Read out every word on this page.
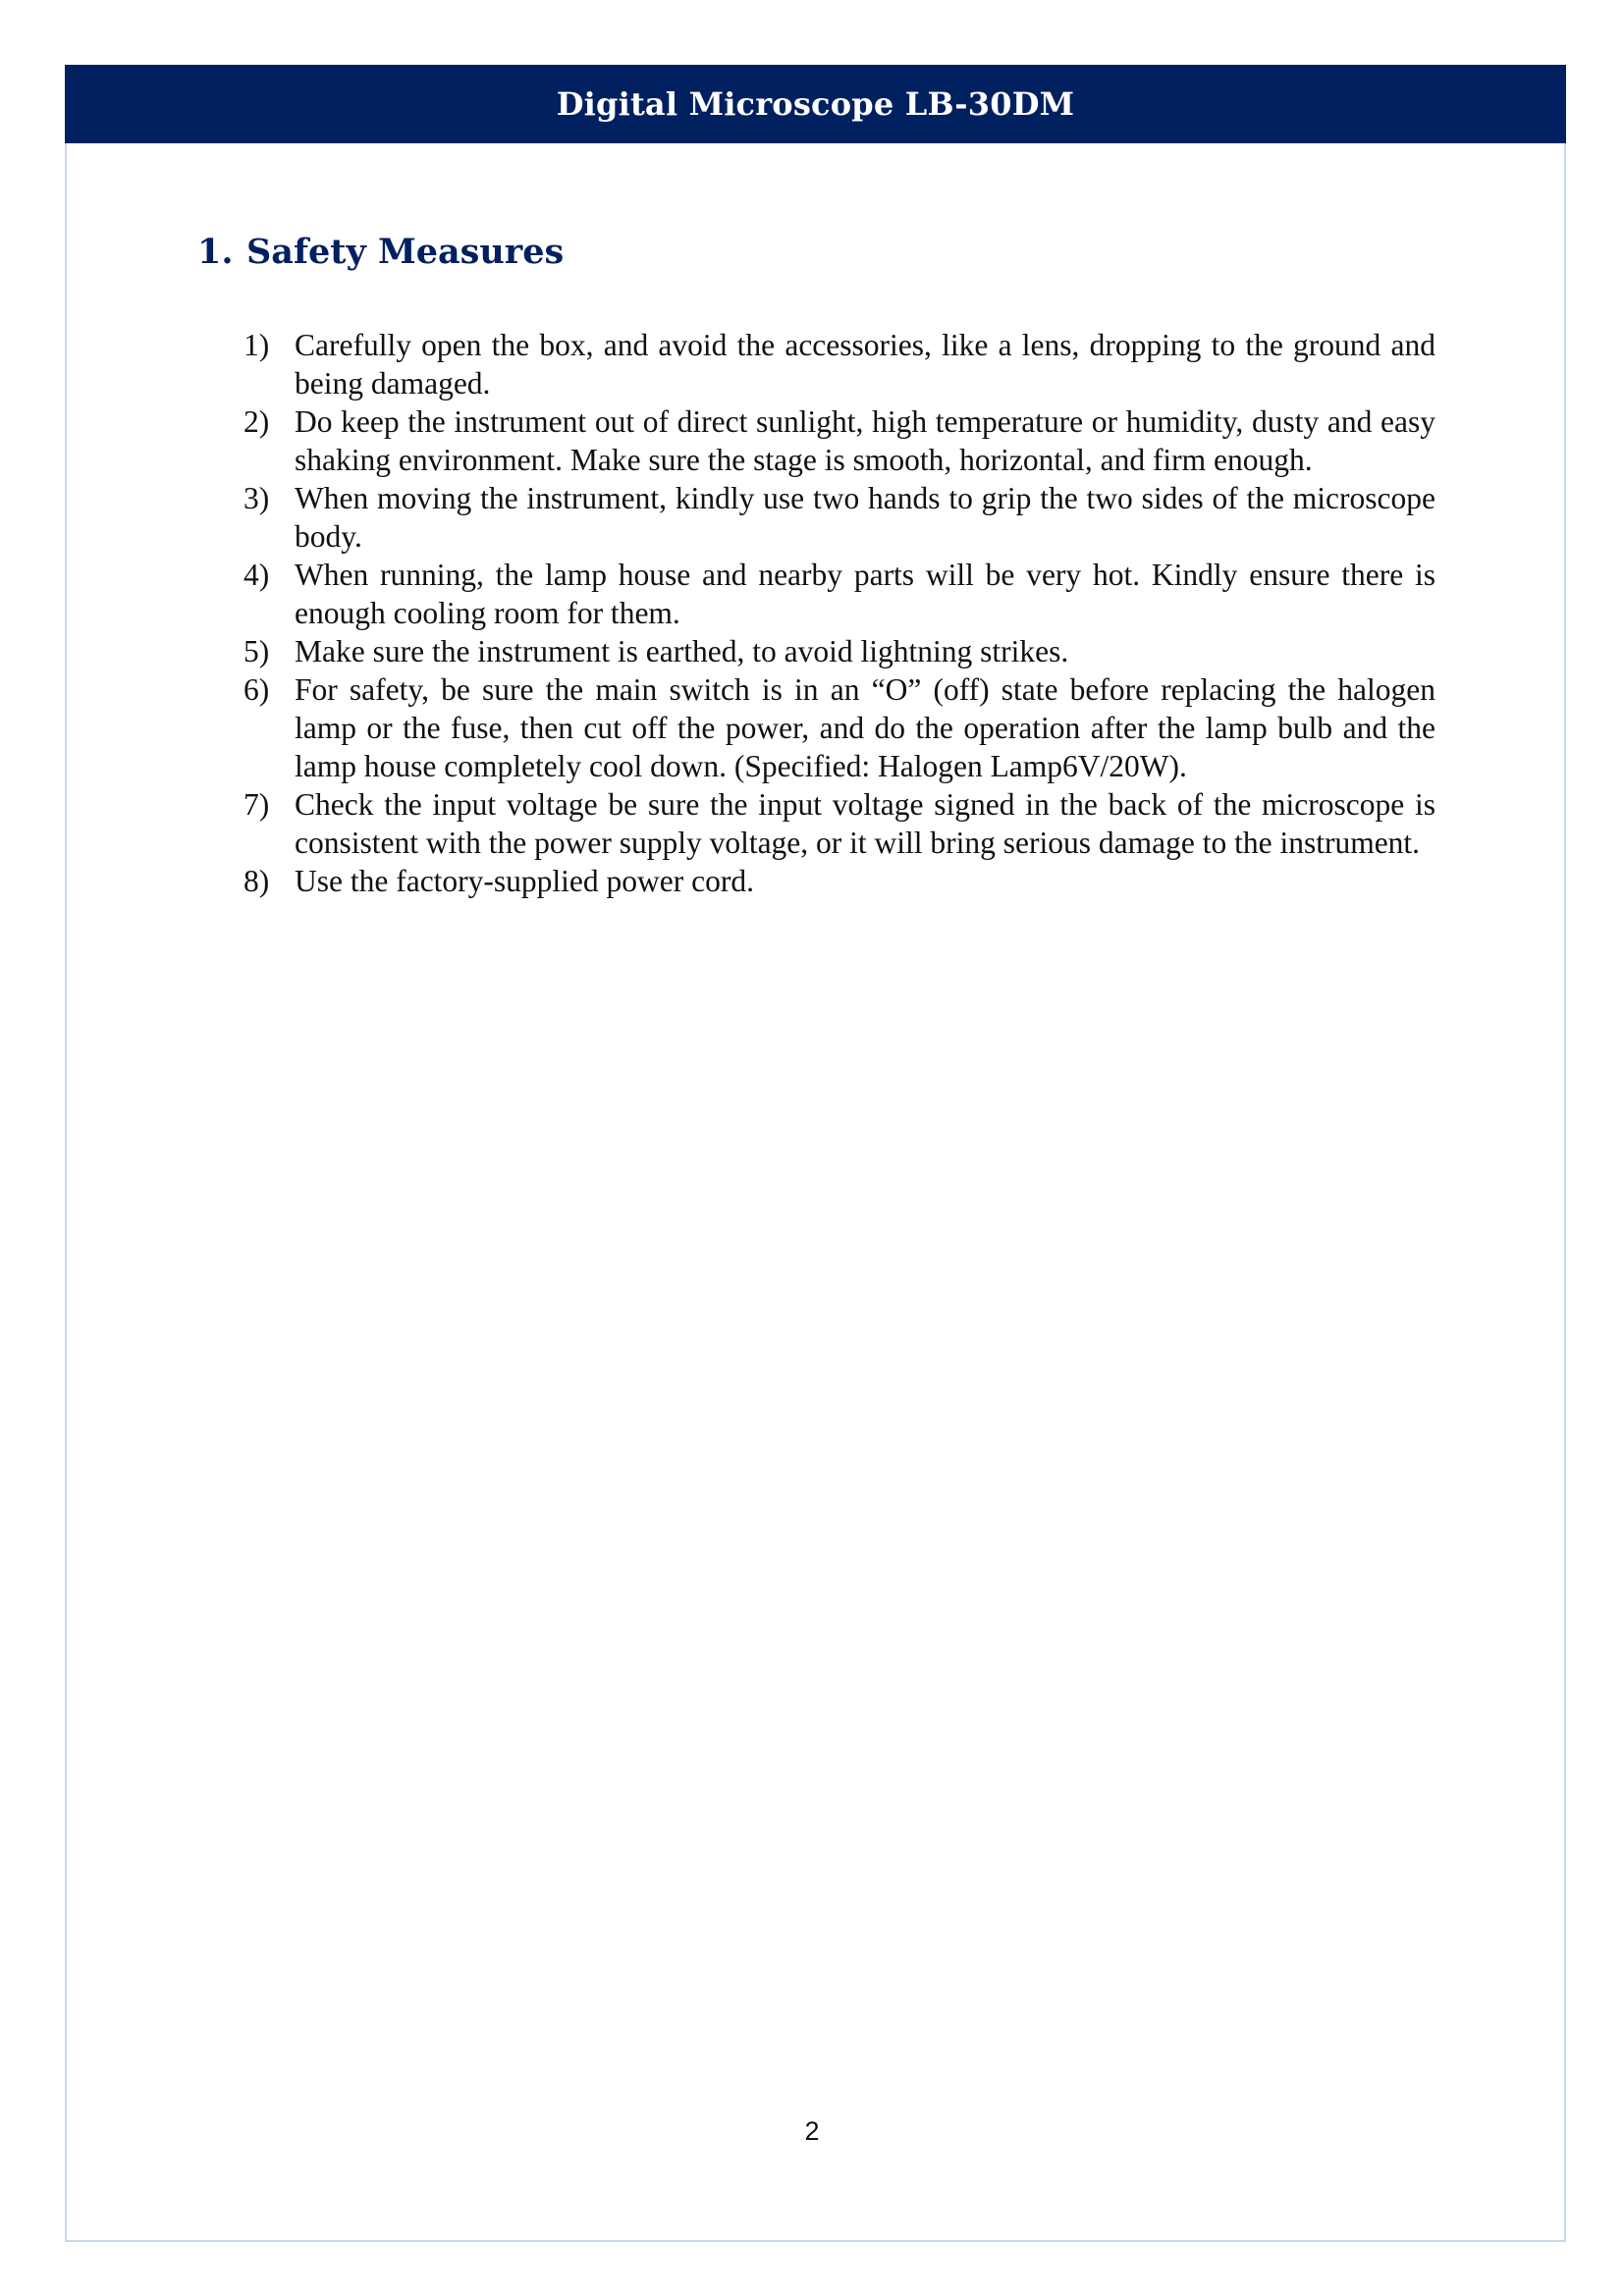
Digital Microscope LB-30DM
1. Safety Measures
1) Carefully open the box, and avoid the accessories, like a lens, dropping to the ground and being damaged.
2) Do keep the instrument out of direct sunlight, high temperature or humidity, dusty and easy shaking environment. Make sure the stage is smooth, horizontal, and firm enough.
3) When moving the instrument, kindly use two hands to grip the two sides of the microscope body.
4) When running, the lamp house and nearby parts will be very hot. Kindly ensure there is enough cooling room for them.
5) Make sure the instrument is earthed, to avoid lightning strikes.
6) For safety, be sure the main switch is in an “O” (off) state before replacing the halogen lamp or the fuse, then cut off the power, and do the operation after the lamp bulb and the lamp house completely cool down. (Specified: Halogen Lamp6V/20W).
7) Check the input voltage be sure the input voltage signed in the back of the microscope is consistent with the power supply voltage, or it will bring serious damage to the instrument.
8) Use the factory-supplied power cord.
2
